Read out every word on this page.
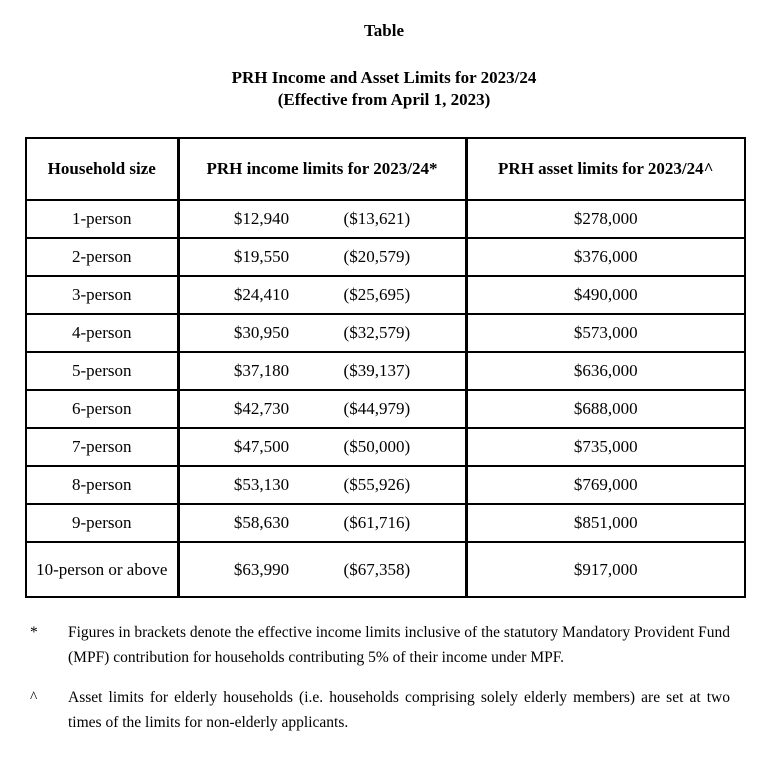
Table
PRH Income and Asset Limits for 2023/24
(Effective from April 1, 2023)
Household size	PRH income limits for 2023/24*	PRH asset limits for 2023/24^
1-person	$12,940 ($13,621)	$278,000
2-person	$19,550 ($20,579)	$376,000
3-person	$24,410 ($25,695)	$490,000
4-person	$30,950 ($32,579)	$573,000
5-person	$37,180 ($39,137)	$636,000
6-person	$42,730 ($44,979)	$688,000
7-person	$47,500 ($50,000)	$735,000
8-person	$53,130 ($55,926)	$769,000
9-person	$58,630 ($61,716)	$851,000
10-person or above	$63,990 ($67,358)	$917,000
*	Figures in brackets denote the effective income limits inclusive of the statutory Mandatory Provident Fund (MPF) contribution for households contributing 5% of their income under MPF.
^	Asset limits for elderly households (i.e. households comprising solely elderly members) are set at two times of the limits for non-elderly applicants.
